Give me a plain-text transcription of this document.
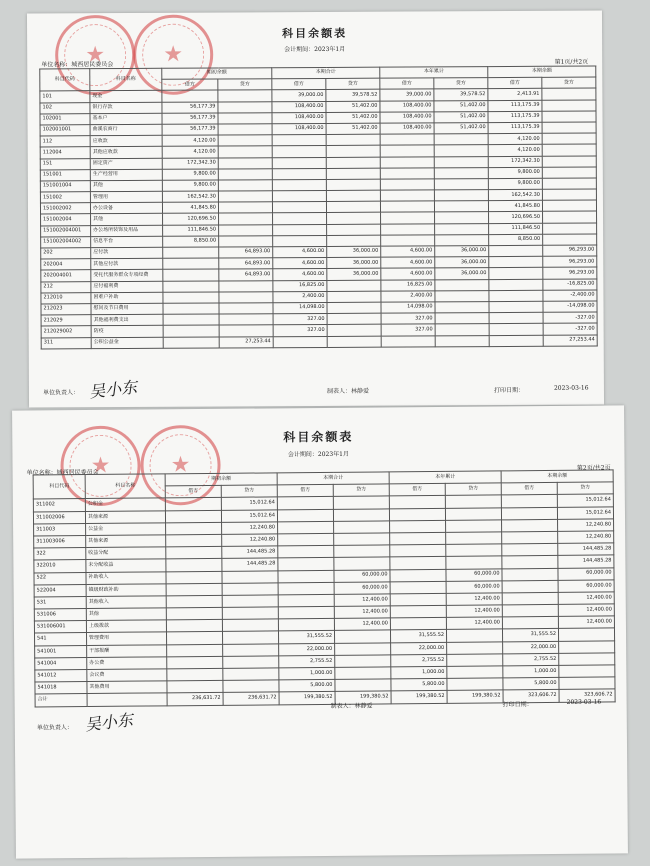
★
★
科目余额表
会计期间：2023年1月
单位名称：城西居民委员会	第1页/共2页
科目代码	科目名称	期初余额		本期合计		本年累计		本期余额	
		借方	贷方	借方	贷方	借方	贷方	借方	贷方
101	现金			39,000.00	39,578.52	39,000.00	39,578.52	2,413.91	
102	银行存款	56,177.39		108,400.00	51,402.00	108,400.00	51,402.00	113,175.39	
102001	基本户	56,177.39		108,400.00	51,402.00	108,400.00	51,402.00	113,175.39	
102001001	曲溪农商行	56,177.39		108,400.00	51,402.00	108,400.00	51,402.00	113,175.39	
112	应收款	4,120.00						4,120.00	
112004	其他应收款	4,120.00						4,120.00	
151	固定资产	172,342.30						172,342.30	
151001	生产经营用	9,800.00						9,800.00	
151001004	其他	9,800.00						9,800.00	
151002	管理用	162,542.30						162,542.30	
151002002	办公设备	41,845.80						41,845.80	
151002004	其他	120,696.50						120,696.50	
151002004001	办公场所装饰及用品	111,846.50						111,846.50	
151002004002	信息平台	8,850.00						8,850.00	
202	应付款		64,893.00	4,600.00	36,000.00	4,600.00	36,000.00		96,293.00
202004	其他应付款		64,893.00	4,600.00	36,000.00	4,600.00	36,000.00		96,293.00
202004001	受托代服务群众专项经费		64,893.00	4,600.00	36,000.00	4,600.00	36,000.00		96,293.00
212	应付福利费			16,825.00		16,825.00			-16,825.00
212010	困难户补助			2,400.00		2,400.00			-2,400.00
212023	慰问及节日费用			14,098.00		14,098.00			-14,098.00
212029	其他福利费支出			327.00		327.00			-327.00
212029002	防疫			327.00		327.00			-327.00
311	公积公益金		27,253.44						27,253.44
单位负责人： 吴小东	制表人：林静爱	打印日期：	2023-03-16
★
★
科目余额表
会计期间：2023年1月
单位名称：城西居民委员会
第2页/共2页
科目代码	科目名称	期初余额		本期合计		本年累计		本期余额	
		借方	贷方	借方	贷方	借方	贷方	借方	贷方
311002	公积金		15,012.64						15,012.64
311002006	其他来源		15,012.64						15,012.64
311003	公益金		12,240.80						12,240.80
311003006	其他来源		12,240.80						12,240.80
322	收益分配		144,485.28						144,485.28
322010	未分配收益		144,485.28						144,485.28
522	补助收入				60,000.00		60,000.00		60,000.00
522004	镇级财政补助				60,000.00		60,000.00		60,000.00
531	其他收入				12,400.00		12,400.00		12,400.00
531006	其他				12,400.00		12,400.00		12,400.00
531006001	上级拨款				12,400.00		12,400.00		12,400.00
541	管理费用			31,555.52		31,555.52		31,555.52	
541001	干部报酬			22,000.00		22,000.00		22,000.00	
541004	办公费			2,755.52		2,755.52		2,755.52	
541012	会议费			1,000.00		1,000.00		1,000.00	
541018	其他费用			5,800.00		5,800.00		5,800.00	
合计		236,631.72	236,631.72	199,380.52	199,380.52	199,380.52	199,380.52	323,606.72	323,606.72
单位负责人： 吴小东
制表人：林静爱	打印日期：	2023-03-16
